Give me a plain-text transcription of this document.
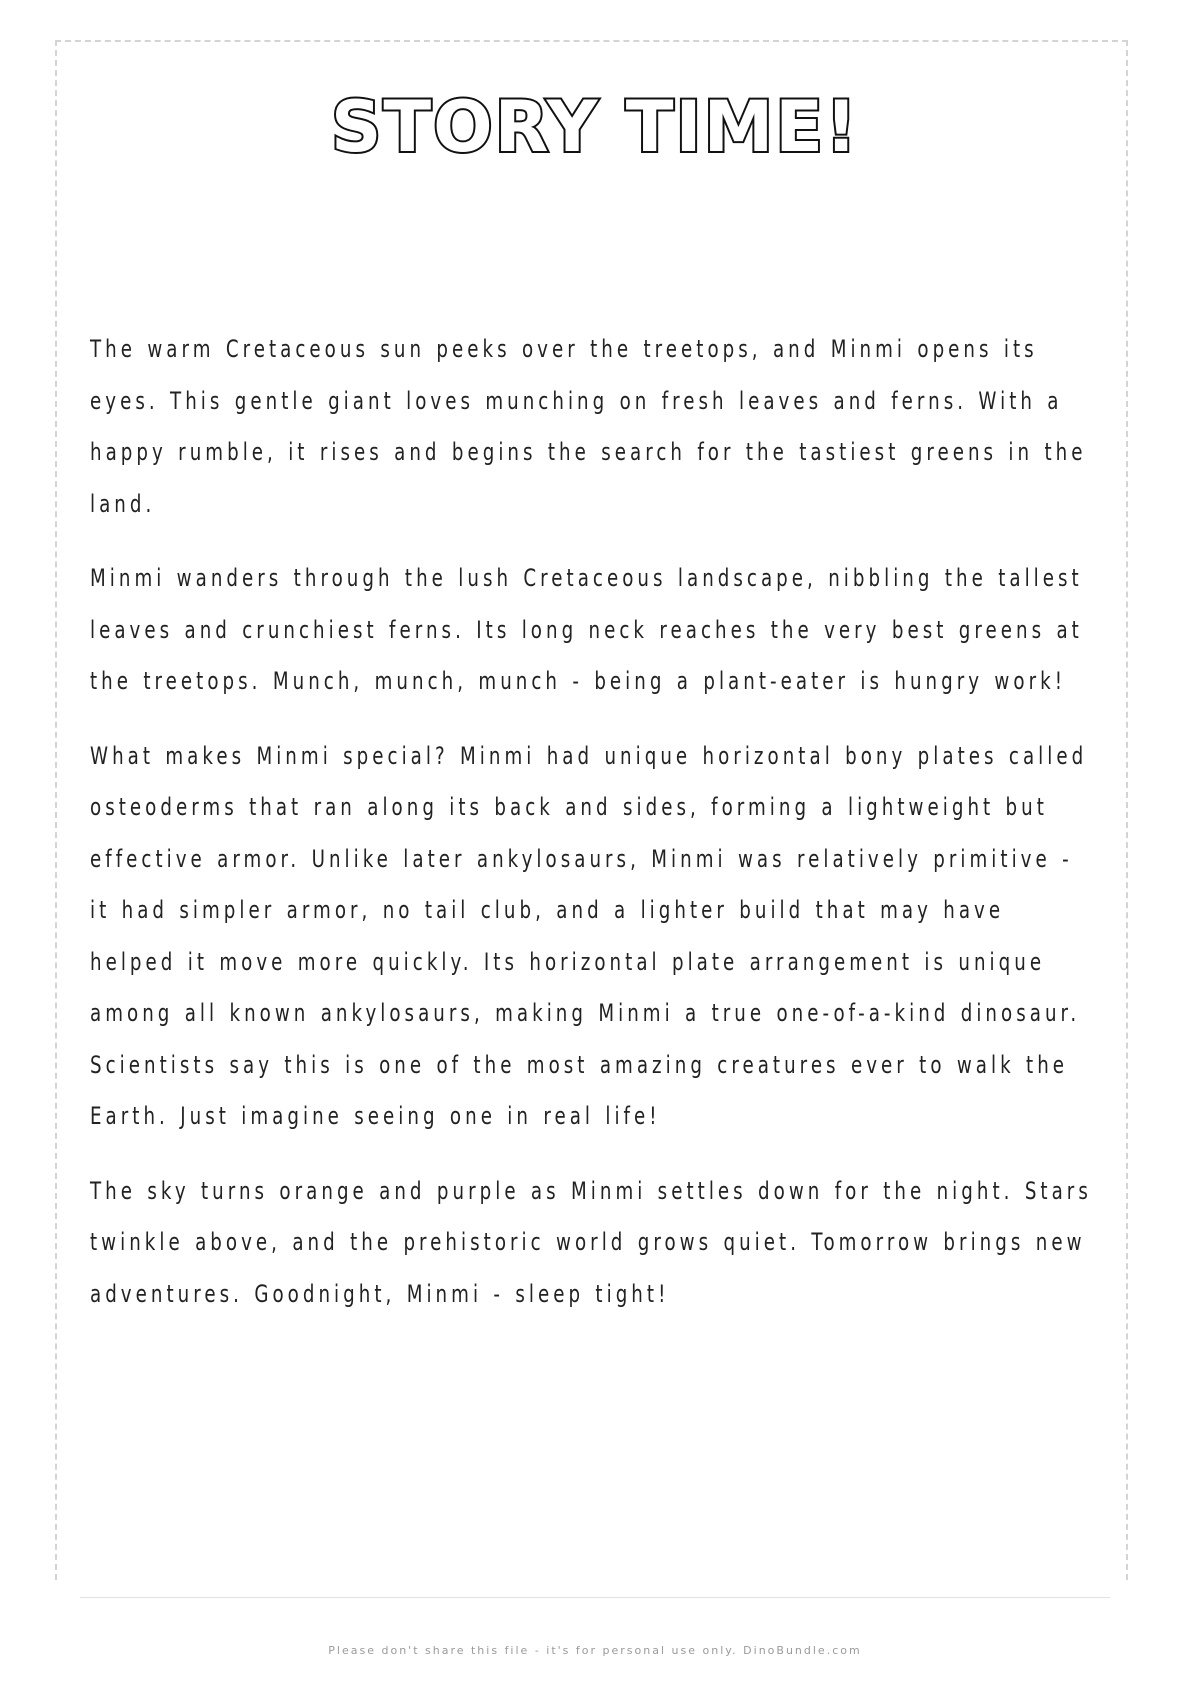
STORY TIME!

The warm Cretaceous sun peeks over the treetops, and Minmi opens its eyes. This gentle giant loves munching on fresh leaves and ferns. With a happy rumble, it rises and begins the search for the tastiest greens in the land.

Minmi wanders through the lush Cretaceous landscape, nibbling the tallest leaves and crunchiest ferns. Its long neck reaches the very best greens at the treetops. Munch, munch, munch - being a plant-eater is hungry work!

What makes Minmi special? Minmi had unique horizontal bony plates called osteoderms that ran along its back and sides, forming a lightweight but effective armor. Unlike later ankylosaurs, Minmi was relatively primitive - it had simpler armor, no tail club, and a lighter build that may have helped it move more quickly. Its horizontal plate arrangement is unique among all known ankylosaurs, making Minmi a true one-of-a-kind dinosaur. Scientists say this is one of the most amazing creatures ever to walk the Earth. Just imagine seeing one in real life!

The sky turns orange and purple as Minmi settles down for the night. Stars twinkle above, and the prehistoric world grows quiet. Tomorrow brings new adventures. Goodnight, Minmi - sleep tight!

Please don't share this file - it's for personal use only. DinoBundle.com
